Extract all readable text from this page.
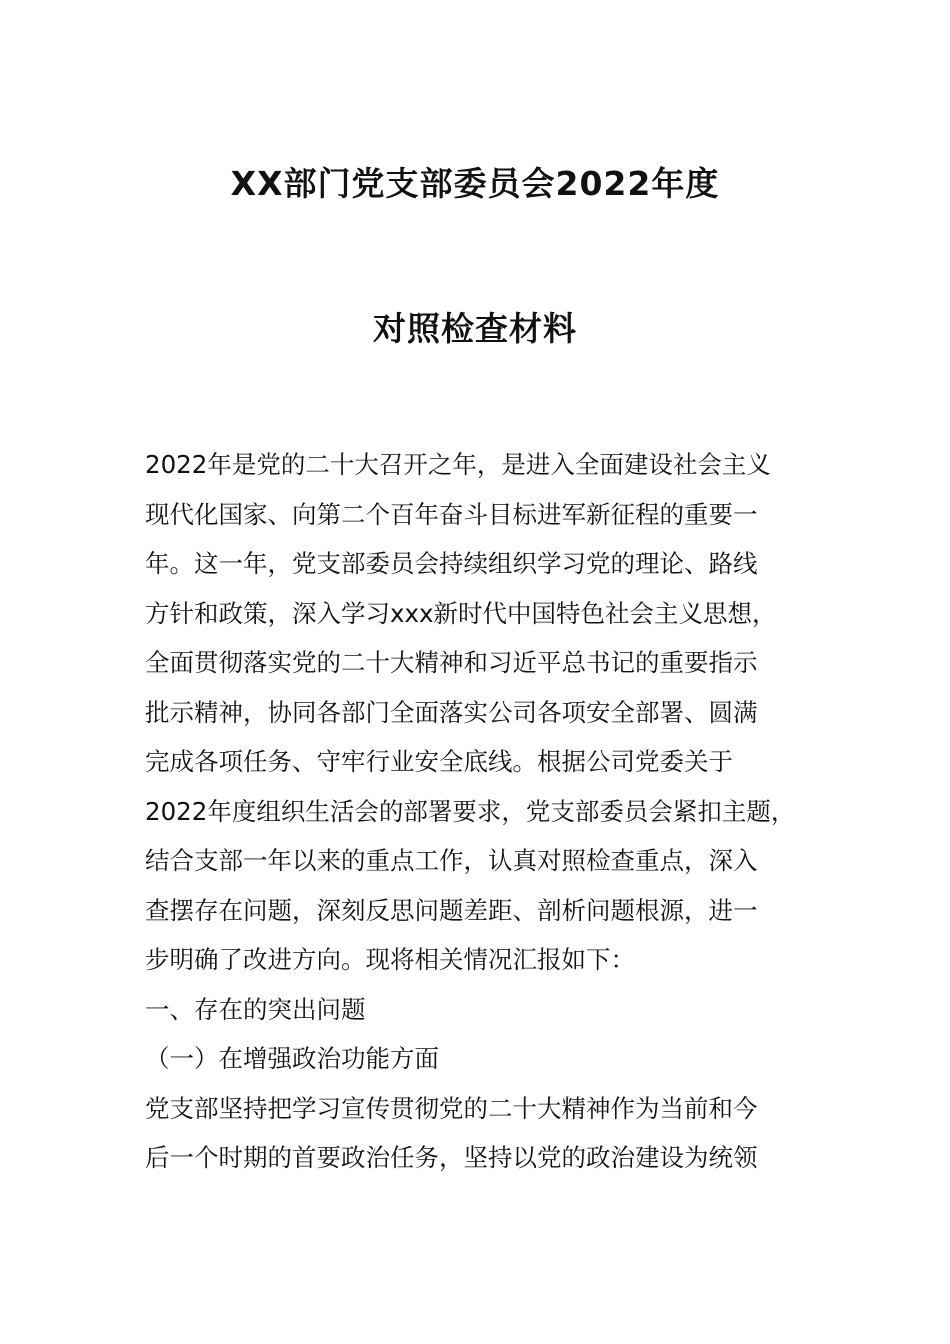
XX部门党支部委员会2022年度
对照检查材料
2022年是党的二十大召开之年，是进入全面建设社会主义
现代化国家、向第二个百年奋斗目标进军新征程的重要一
年。这一年，党支部委员会持续组织学习党的理论、路线
方针和政策，深入学习xxx新时代中国特色社会主义思想，
全面贯彻落实党的二十大精神和习近平总书记的重要指示
批示精神，协同各部门全面落实公司各项安全部署、圆满
完成各项任务、守牢行业安全底线。根据公司党委关于
2022年度组织生活会的部署要求，党支部委员会紧扣主题，
结合支部一年以来的重点工作，认真对照检查重点，深入
查摆存在问题，深刻反思问题差距、剖析问题根源，进一
步明确了改进方向。现将相关情况汇报如下：
一、存在的突出问题
（一）在增强政治功能方面
党支部坚持把学习宣传贯彻党的二十大精神作为当前和今
后一个时期的首要政治任务，坚持以党的政治建设为统领
